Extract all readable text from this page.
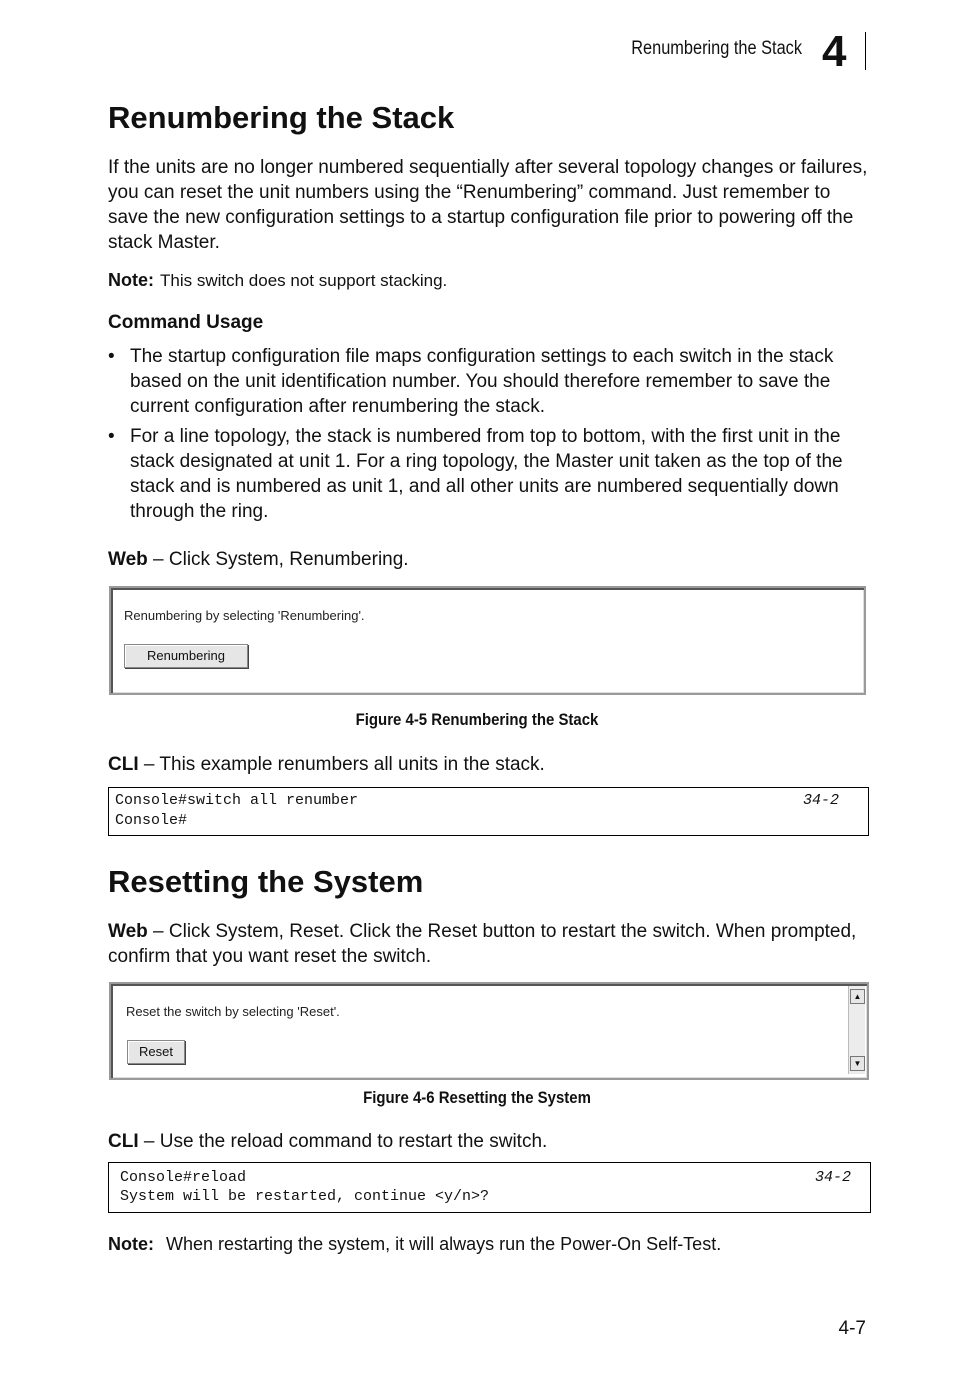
Renumbering the Stack 4
Renumbering the Stack

If the units are no longer numbered sequentially after several topology changes or failures, you can reset the unit numbers using the “Renumbering” command. Just remember to save the new configuration settings to a startup configuration file prior to powering off the stack Master.

Note: This switch does not support stacking.
Command Usage
• The startup configuration file maps configuration settings to each switch in the stack based on the unit identification number. You should therefore remember to save the current configuration after renumbering the stack.
• For a line topology, the stack is numbered from top to bottom, with the first unit in the stack designated at unit 1. For a ring topology, the Master unit taken as the top of the stack and is numbered as unit 1, and all other units are numbered sequentially down through the ring.
Web – Click System, Renumbering.
Renumbering by selecting 'Renumbering'.
Renumbering
Figure 4-5 Renumbering the Stack
CLI – This example renumbers all units in the stack.
Console#switch all renumber	34-2
Console#
Resetting the System

Web – Click System, Reset. Click the Reset button to restart the switch. When prompted, confirm that you want reset the switch.

Reset the switch by selecting 'Reset'.
Reset
▲
▼
Figure 4-6 Resetting the System
CLI – Use the reload command to restart the switch.
Console#reload	34-2
System will be restarted, continue <y/n>?
Note: When restarting the system, it will always run the Power-On Self-Test.
4-7
